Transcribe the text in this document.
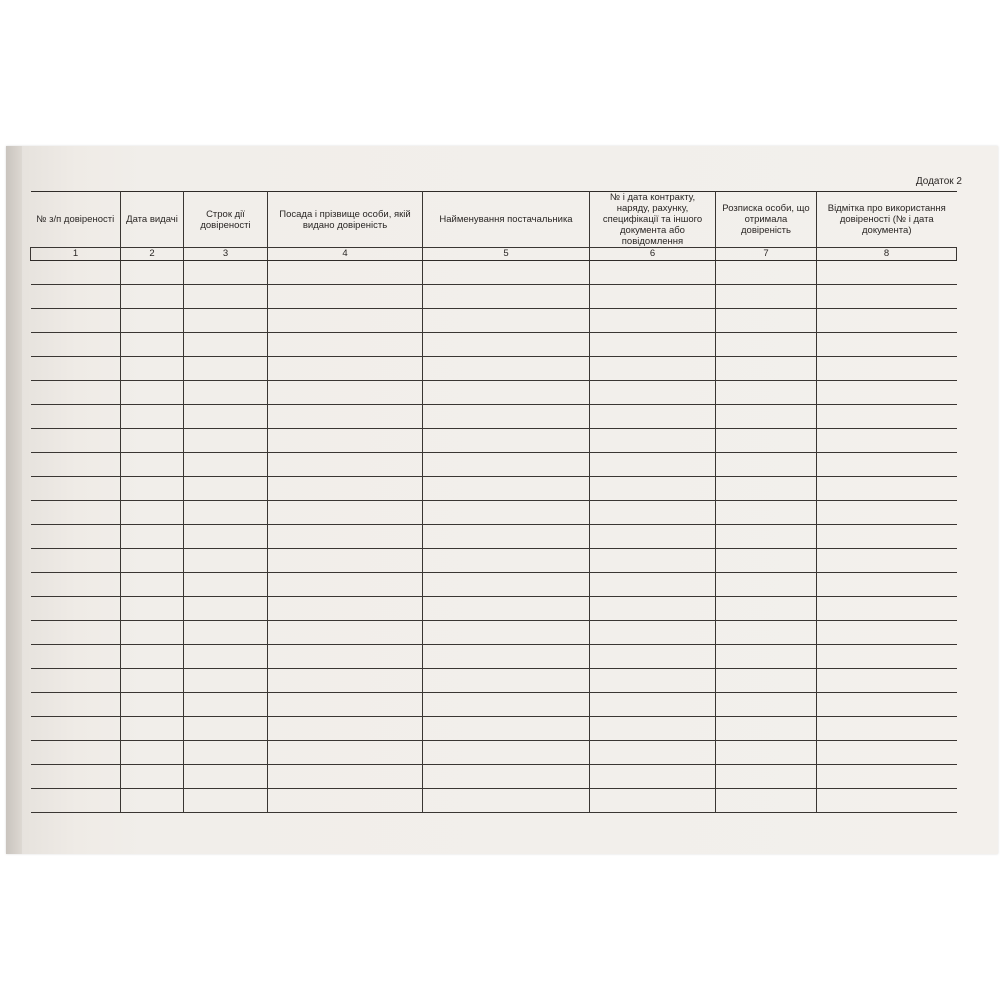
Додаток 2
№ з/п довіреності	Дата видачі	Строк дії довіреності	Посада і прізвище особи, якій видано довіреність	Найменування постачальника	№ і дата контракту, наряду, рахунку, специфікації та іншого документа або повідомлення	Розписка особи, що отримала довіреність	Відмітка про використання довіреності (№ і дата документа)
1	2	3	4	5	6	7	8
